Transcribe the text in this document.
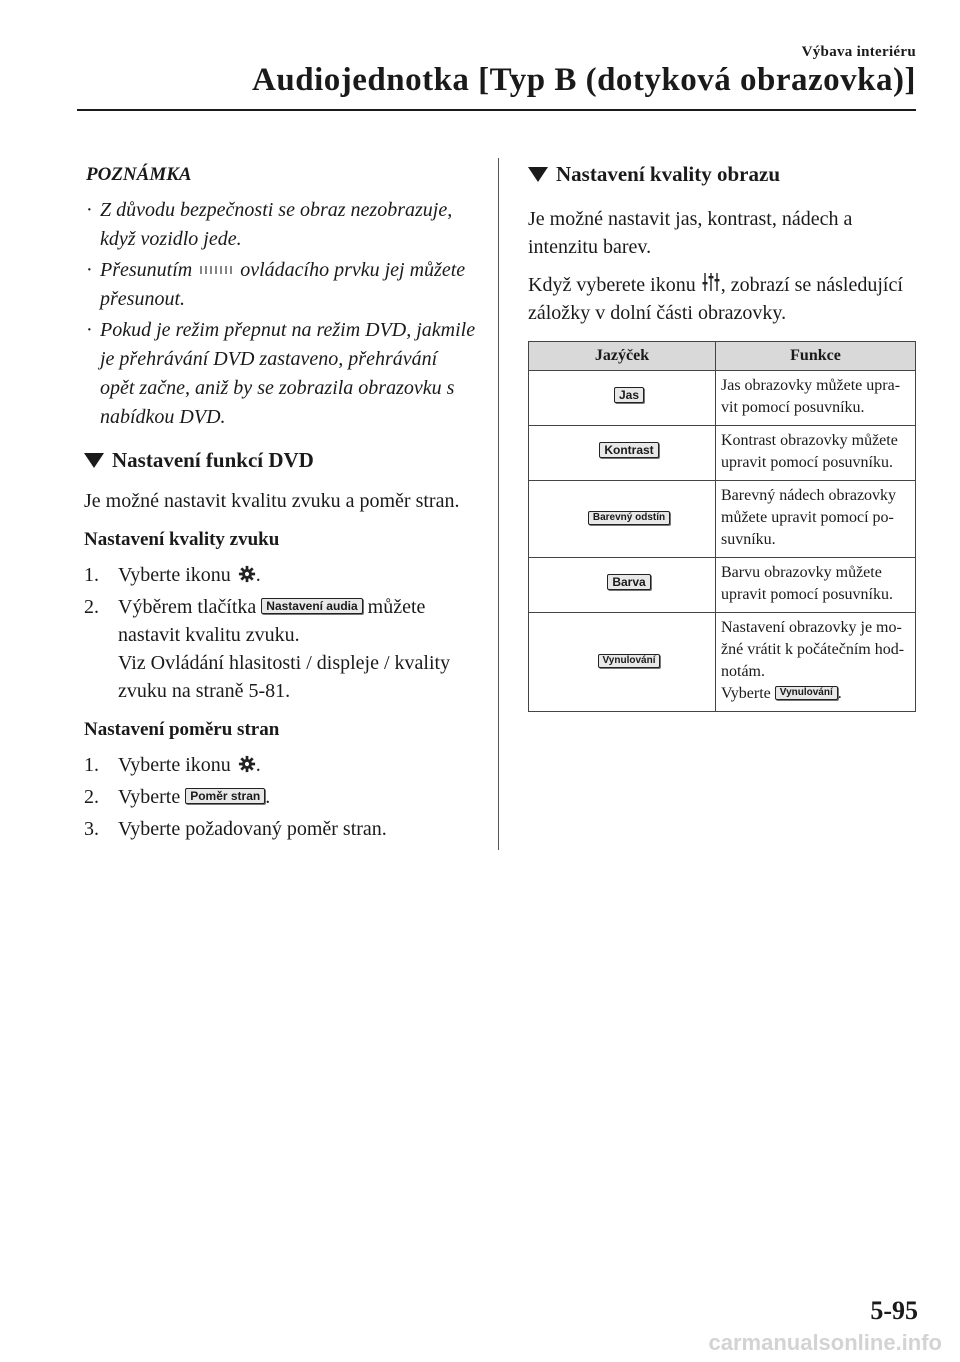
Výbava interiéru
Audiojednotka [Typ B (dotyková obrazovka)]
POZNÁMKA
· Z důvodu bezpečnosti se obraz nezobrazuje, když vozidlo jede.
· Přesunutím ovládacího prvku jej můžete přesunout.
· Pokud je režim přepnut na režim DVD, jakmile je přehrávání DVD zastaveno, přehrávání opět začne, aniž by se zobrazila obrazovku s nabídkou DVD.
Nastavení funkcí DVD

Je možné nastavit kvalitu zvuku a poměr stran.

Nastavení kvality zvuku
1. Vyberte ikonu .
2. Výběrem tlačítka Nastavení audia můžete nastavit kvalitu zvuku.
Viz Ovládání hlasitosti / displeje / kvality zvuku na straně 5-81.
Nastavení poměru stran
1. Vyberte ikonu .
2. Vyberte Poměr stran .
3. Vyberte požadovaný poměr stran.
Nastavení kvality obrazu

Je možné nastavit jas, kontrast, nádech a intenzitu barev.

Když vyberete ikonu , zobrazí se následující záložky v dolní části obrazovky.

Jazýček	Funkce
Jas	Jas obrazovky můžete upra-vit pomocí posuvníku.
Kontrast	Kontrast obrazovky můžete upravit pomocí posuvníku.
Barevný odstín	Barevný nádech obrazovky můžete upravit pomocí po-suvníku.
Barva	Barvu obrazovky můžete upravit pomocí posuvníku.
Vynulování	Nastavení obrazovky je mo-žné vrátit k počátečním hod-notám.
Vyberte Vynulování .
5-95
carmanualsonline.info
